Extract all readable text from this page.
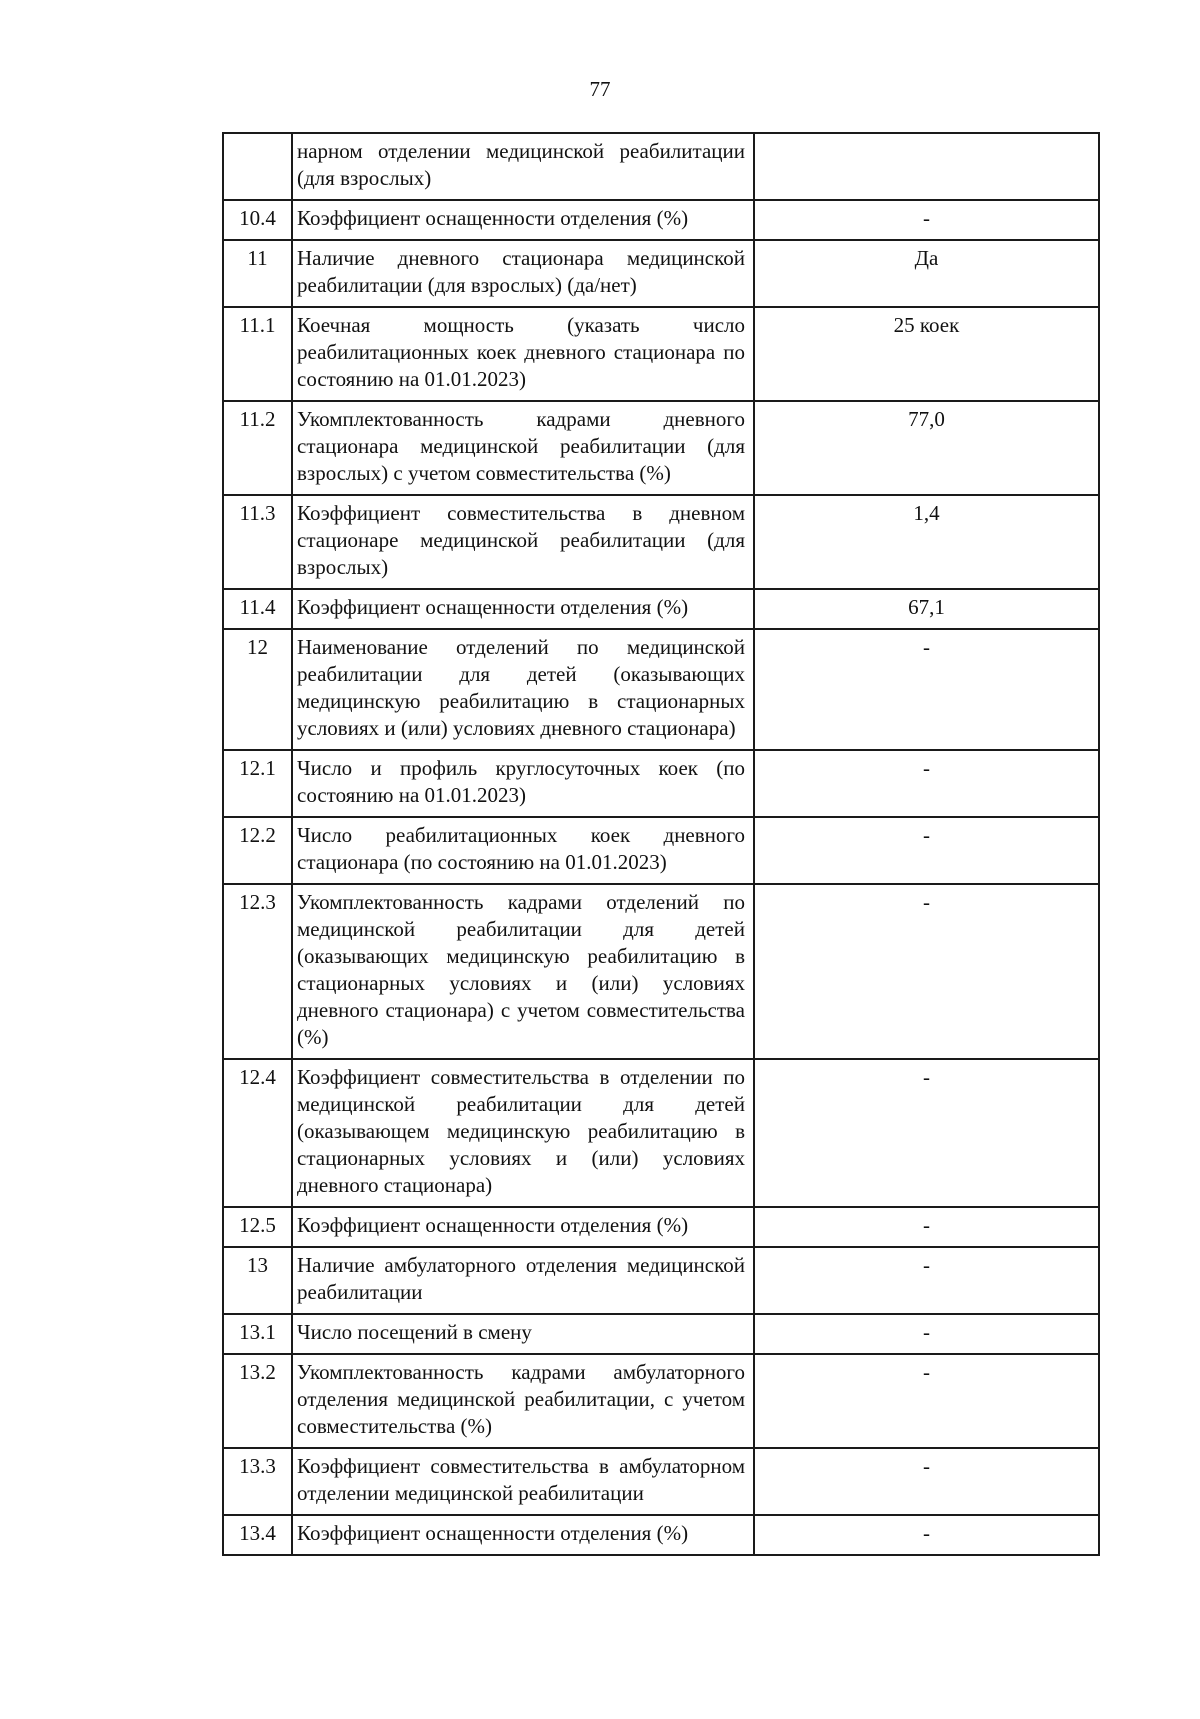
77
	нарном отделении медицинской реабилитации (для взрослых)	
10.4	Коэффициент оснащенности отделения (%)	-
11	Наличие дневного стационара медицинской реабилитации (для взрослых) (да/нет)	Да
11.1	Коечная мощность (указать число реабилитационных коек дневного стационара по состоянию на 01.01.2023)	25 коек
11.2	Укомплектованность кадрами дневного стационара медицинской реабилитации (для взрослых) с учетом совместительства (%)	77,0
11.3	Коэффициент совместительства в дневном стационаре медицинской реабилитации (для взрослых)	1,4
11.4	Коэффициент оснащенности отделения (%)	67,1
12	Наименование отделений по медицинской реабилитации для детей (оказывающих медицинскую реабилитацию в стационарных условиях и (или) условиях дневного стационара)	-
12.1	Число и профиль круглосуточных коек (по состоянию на 01.01.2023)	-
12.2	Число реабилитационных коек дневного стационара (по состоянию на 01.01.2023)	-
12.3	Укомплектованность кадрами отделений по медицинской реабилитации для детей (оказывающих медицинскую реабилитацию в стационарных условиях и (или) условиях дневного стационара) с учетом совместительства (%)	-
12.4	Коэффициент совместительства в отделении по медицинской реабилитации для детей (оказывающем медицинскую реабилитацию в стационарных условиях и (или) условиях дневного стационара)	-
12.5	Коэффициент оснащенности отделения (%)	-
13	Наличие амбулаторного отделения медицинской реабилитации	-
13.1	Число посещений в смену	-
13.2	Укомплектованность кадрами амбулаторного отделения медицинской реабилитации, с учетом совместительства (%)	-
13.3	Коэффициент совместительства в амбулаторном отделении медицинской реабилитации	-
13.4	Коэффициент оснащенности отделения (%)	-
